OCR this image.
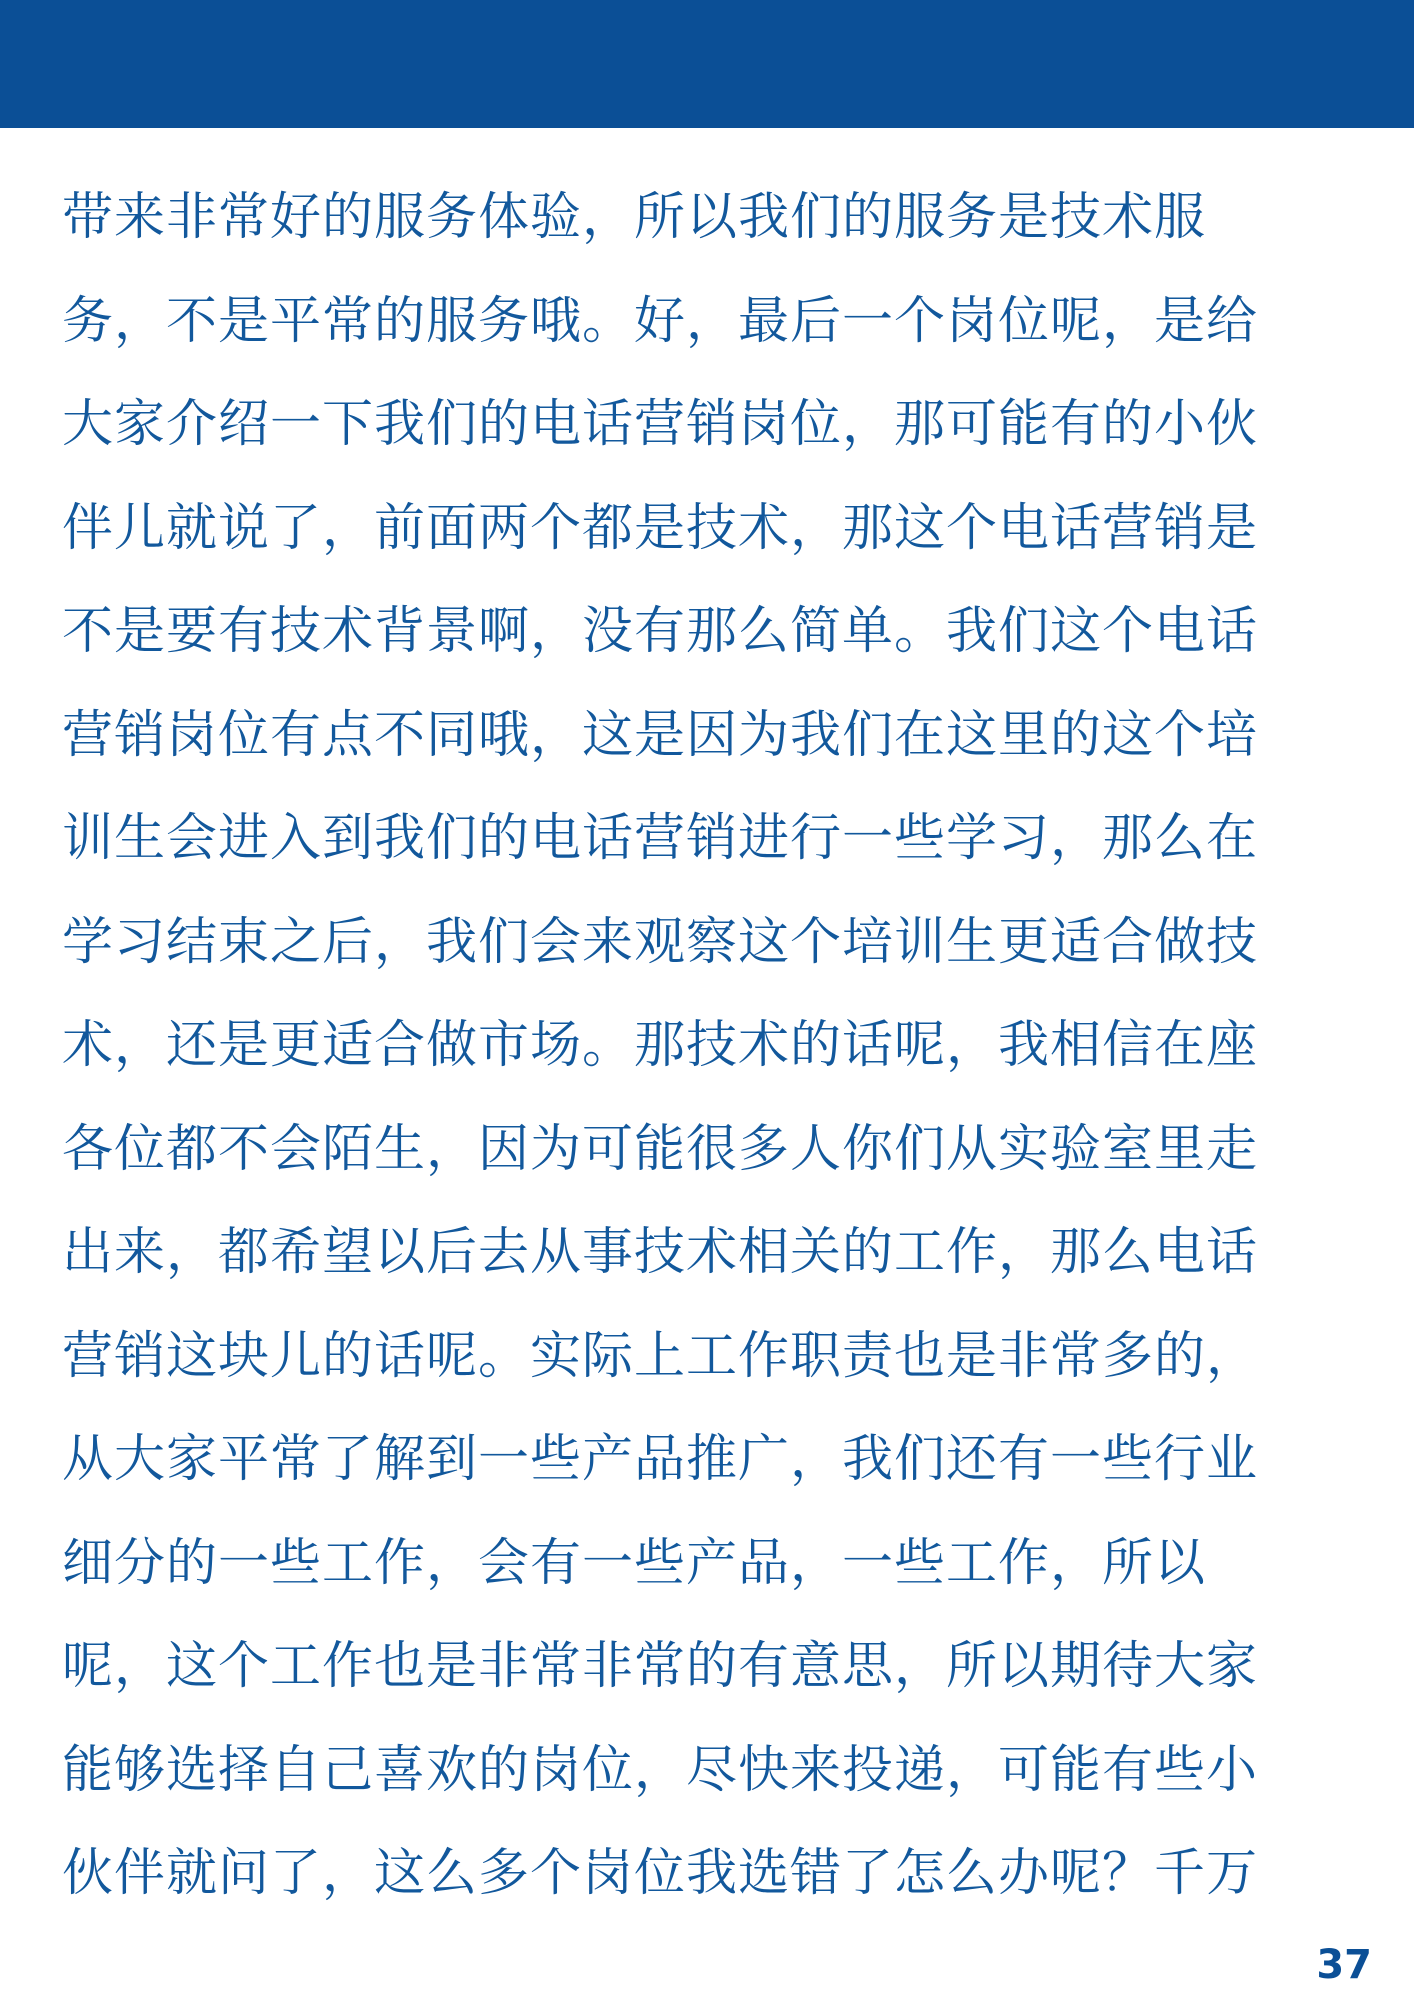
带来非常好的服务体验，所以我们的服务是技术服
务，不是平常的服务哦。好，最后一个岗位呢，是给
大家介绍一下我们的电话营销岗位，那可能有的小伙
伴儿就说了，前面两个都是技术，那这个电话营销是
不是要有技术背景啊，没有那么简单。我们这个电话
营销岗位有点不同哦，这是因为我们在这里的这个培
训生会进入到我们的电话营销进行一些学习，那么在
学习结束之后，我们会来观察这个培训生更适合做技
术，还是更适合做市场。那技术的话呢，我相信在座
各位都不会陌生，因为可能很多人你们从实验室里走
出来，都希望以后去从事技术相关的工作，那么电话
营销这块儿的话呢。实际上工作职责也是非常多的，
从大家平常了解到一些产品推广，我们还有一些行业
细分的一些工作，会有一些产品，一些工作，所以
呢，这个工作也是非常非常的有意思，所以期待大家
能够选择自己喜欢的岗位，尽快来投递，可能有些小
伙伴就问了，这么多个岗位我选错了怎么办呢？千万
37
